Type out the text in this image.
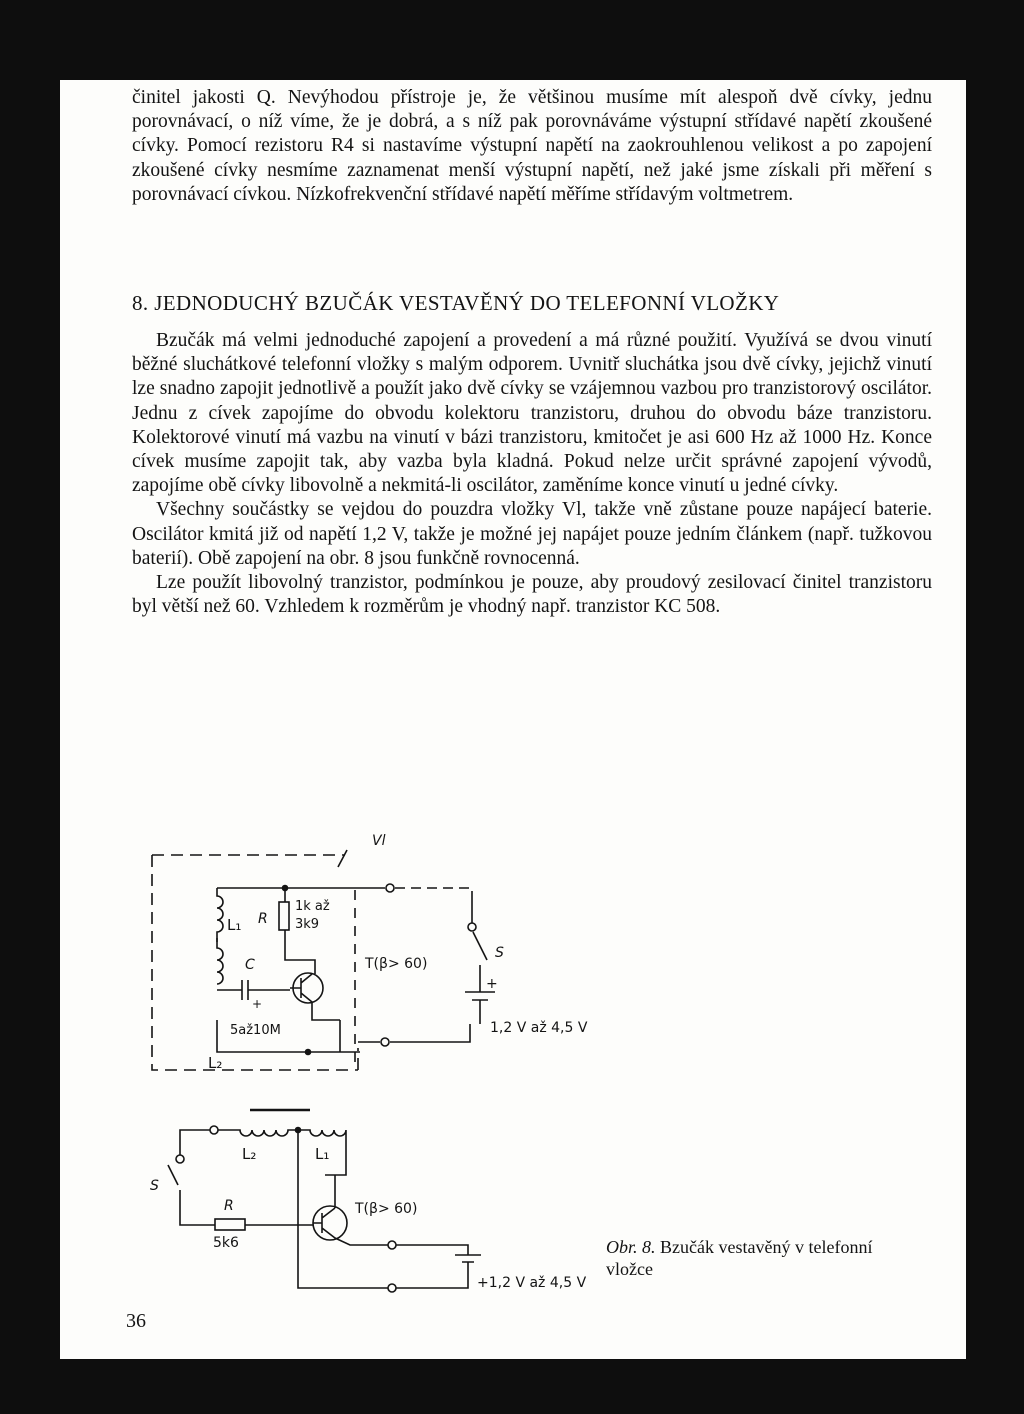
činitel jakosti Q. Nevýhodou přístroje je, že většinou musíme mít alespoň dvě cívky, jednu porovnávací, o níž víme, že je dobrá, a s níž pak porovnáváme výstupní střídavé napětí zkoušené cívky. Pomocí rezistoru R4 si nastavíme výstupní napětí na zaokrouhlenou velikost a po zapojení zkoušené cívky nesmíme zaznamenat menší výstupní napětí, než jaké jsme získali při měření s porovnávací cívkou. Nízkofrekvenční střídavé napětí měříme střídavým voltmetrem.

8. JEDNODUCHÝ BZUČÁK VESTAVĚNÝ DO TELEFONNÍ VLOŽKY

Bzučák má velmi jednoduché zapojení a provedení a má různé použití. Využívá se dvou vinutí běžné sluchátkové telefonní vložky s malým odporem. Uvnitř sluchátka jsou dvě cívky, jejichž vinutí lze snadno zapojit jednotlivě a použít jako dvě cívky se vzájemnou vazbou pro tranzistorový oscilátor. Jednu z cívek zapojíme do obvodu kolektoru tranzistoru, druhou do obvodu báze tranzistoru. Kolektorové vinutí má vazbu na vinutí v bázi tranzistoru, kmitočet je asi 600 Hz až 1000 Hz. Konce cívek musíme zapojit tak, aby vazba byla kladná. Pokud nelze určit správné zapojení vývodů, zapojíme obě cívky libovolně a nekmitá-li oscilátor, zaměníme konce vinutí u jedné cívky.

Všechny součástky se vejdou do pouzdra vložky Vl, takže vně zůstane pouze napájecí baterie. Oscilátor kmitá již od napětí 1,2 V, takže je možné jej napájet pouze jedním článkem (např. tužkovou baterií). Obě zapojení na obr. 8 jsou funkčně rovnocenná.

Lze použít libovolný tranzistor, podmínkou je pouze, aby proudový zesilovací činitel tranzistoru byl větší než 60. Vzhledem k rozměrům je vhodný např. tranzistor KC 508.

Vl
L₁ R
1k až
3k9
C
+
5až10M
T(β> 60)
L₂
S
+
1,2 V až 4,5 V
L₂	L₁
S
R
5k6
T(β> 60)
+1,2 V až 4,5 V
Obr. 8. Bzučák vestavěný v telefonní vložce
36
